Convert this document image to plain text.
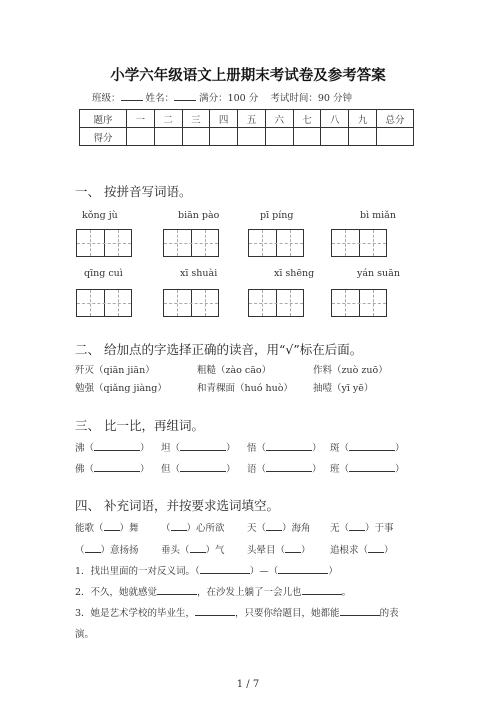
小学六年级语文上册期末考试卷及参考答案
班级：	姓名：	满分：100 分 考试时间：90 分钟
题序	一	二	三	四	五	六	七	八	九	总分
得分										
一、 按拼音写词语。
kǒng jù	biān pào	pī píng	bì miǎn
qīng cuì	xī shuài	xī shēng	yán suān
二、 给加点的字选择正确的读音，用“√”标在后面。
歼灭（qiān jiān）	粗糙（zào cāo）	作料（zuò zuō）
勉强（qiǎng jiàng）	和青稞面（huó huò） 抽噎（yī yē）
三、 比一比，再组词。
沸（	） 坦（	） 悟（	） 斑（	）
佛（	） 但（	） 语（	） 班（	）
四、 补充词语，并按要求选词填空。
能歌（ ）舞 （ ）心所欲 天（ ）海角 无（ ）于事
（ ）意扬扬 垂头（ ）气 头晕目（ ） 追根求（ ）
1．找出里面的一对反义词。（	）—（	）
2．不久，她就感觉	，在沙发上躺了一会儿也	。
3．她是艺术学校的毕业生，	，只要你给题目，她都能	的表
演。
1 / 7
